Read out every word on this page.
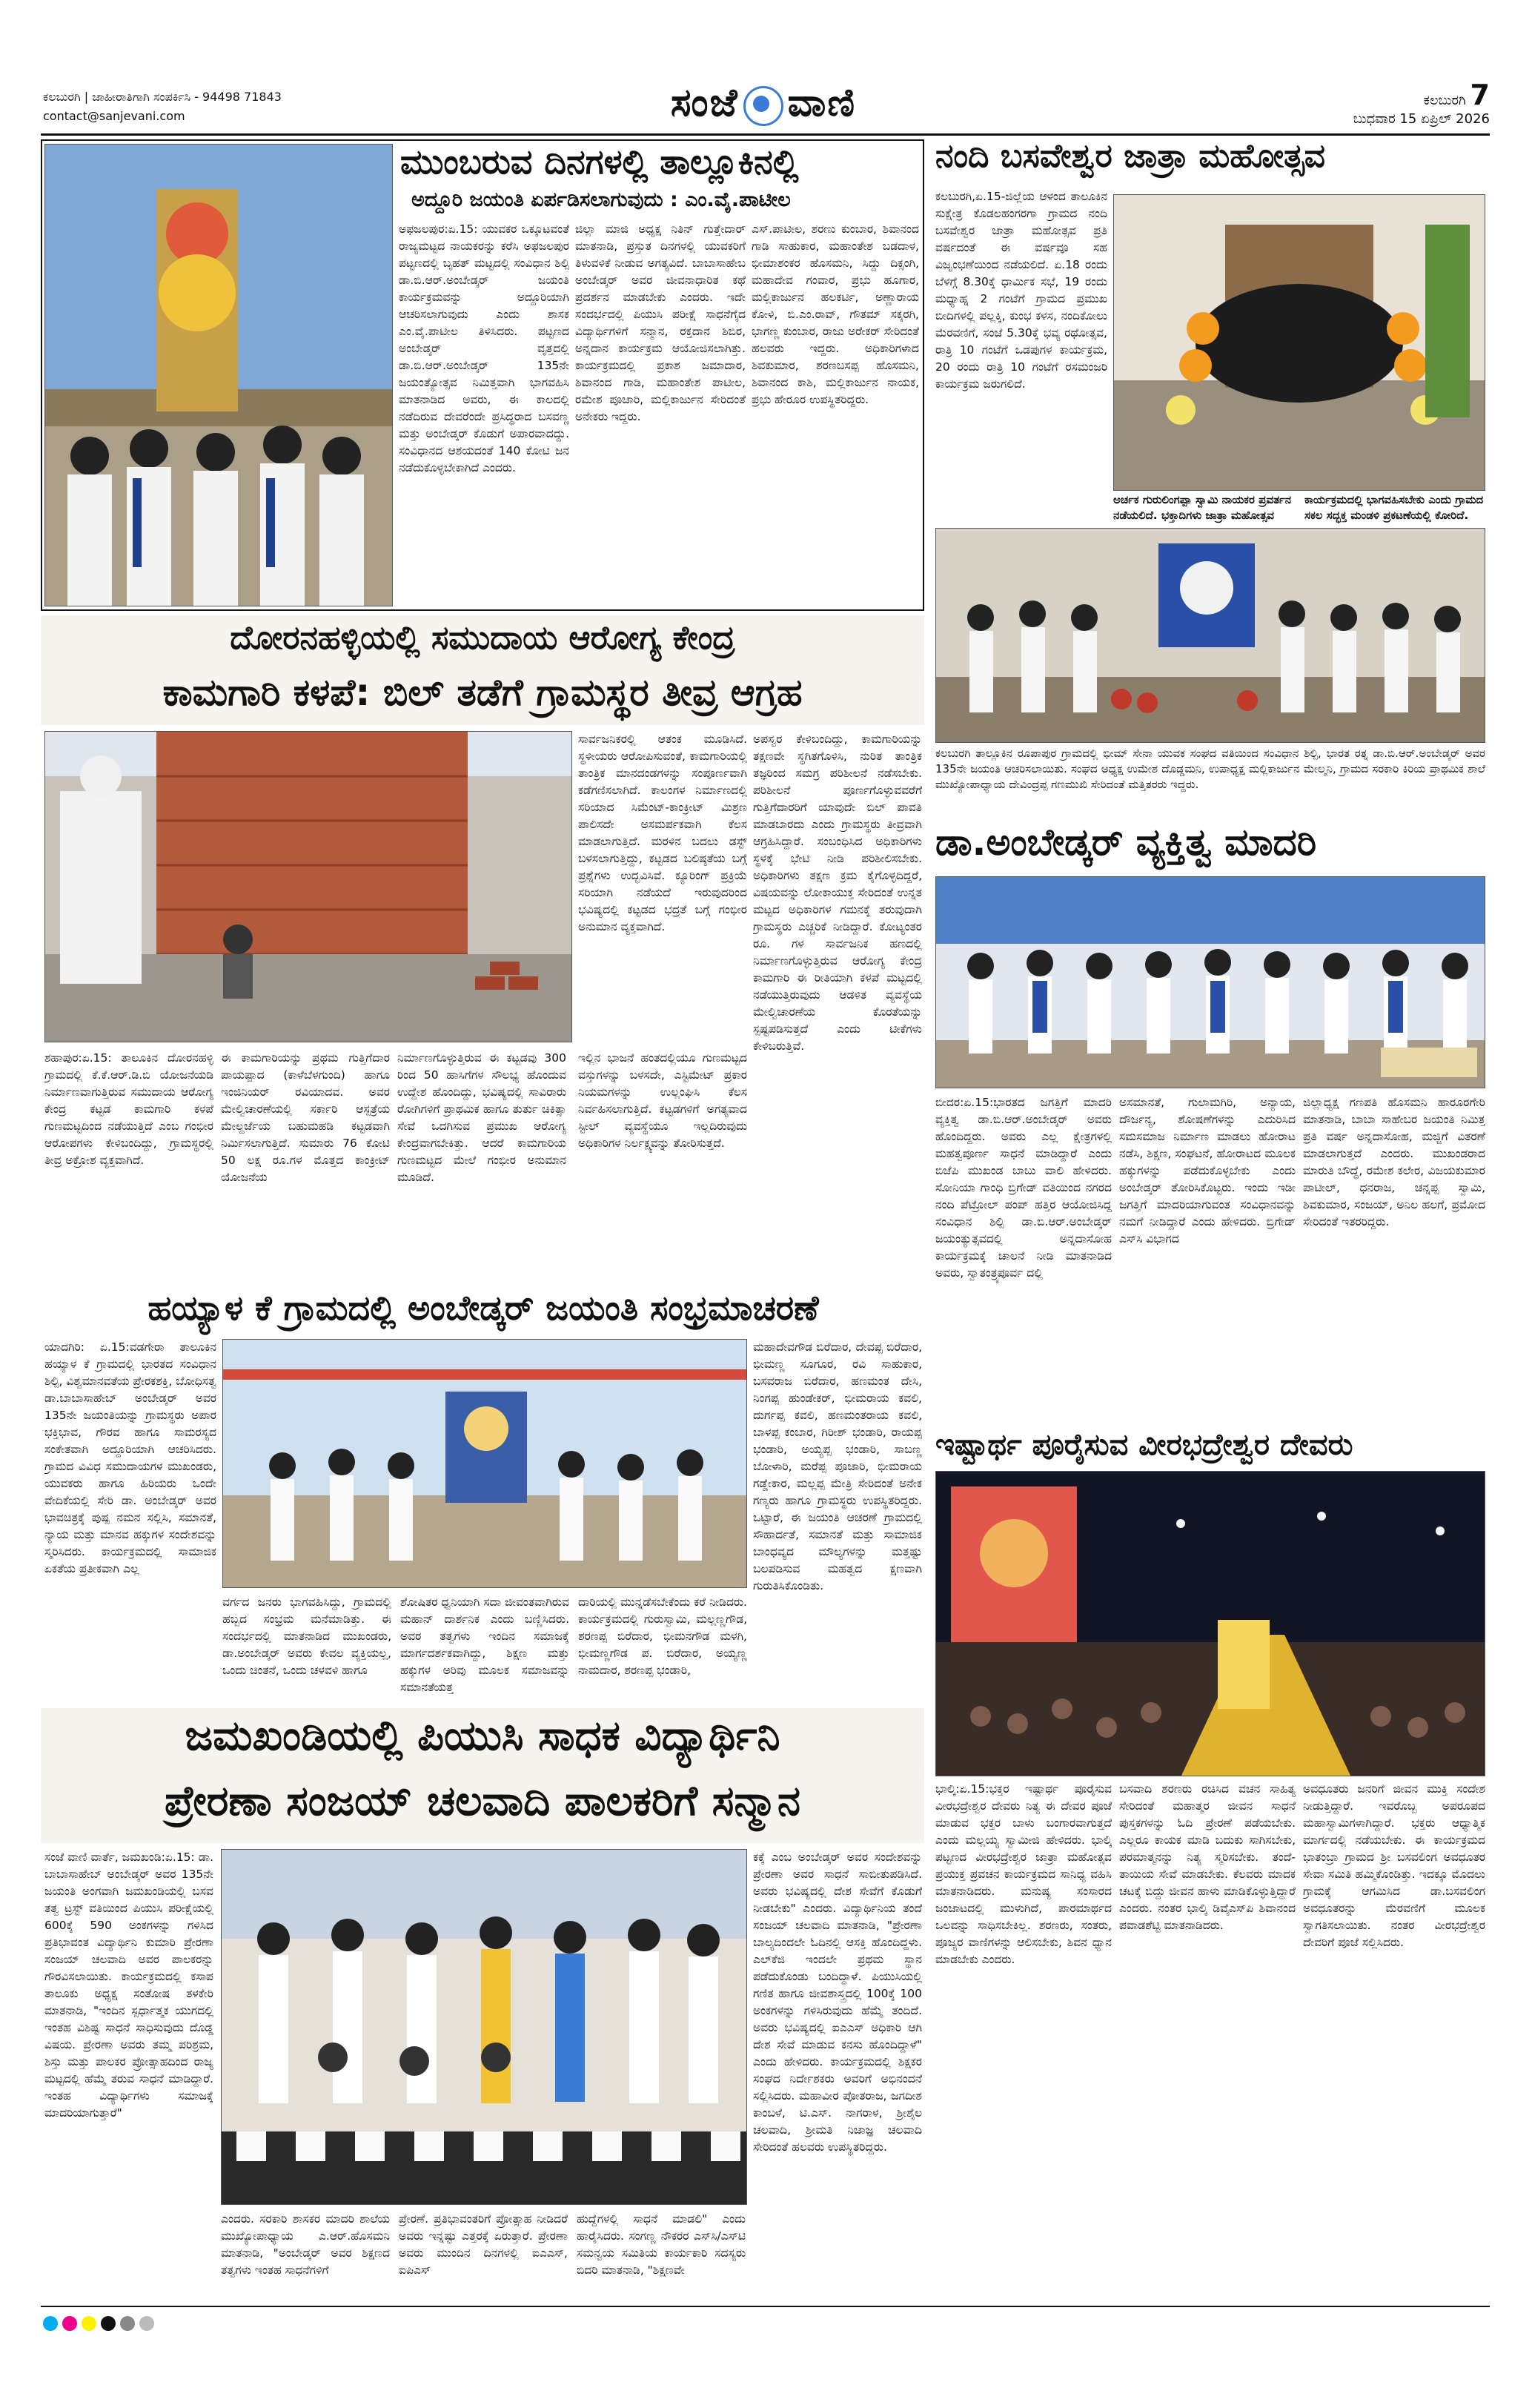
ಕಲಬುರಗಿ | ಜಾಹೀರಾತಿಗಾಗಿ ಸಂಪರ್ಕಿಸಿ - 94498 71843
contact@sanjevani.com	ಸಂಜೆ ವಾಣಿ	ಕಲಬುರಗಿ 7
ಬುಧವಾರ 15 ಏಪ್ರಿಲ್ 2026
ಮುಂಬರುವ ದಿನಗಳಲ್ಲಿ ತಾಲ್ಲೂಕಿನಲ್ಲಿ
ಅದ್ದೂರಿ ಜಯಂತಿ ಏರ್ಪಡಿಸಲಾಗುವುದು : ಎಂ.ವೈ.ಪಾಟೀಲ
ಅಫಜಲಪುರ:ಏ.15: ಯುವಕರ ಒಕ್ಕೂಟವಂತೆ ರಾಜ್ಯಮಟ್ಟದ ನಾಯಕರನ್ನು ಕರೆಸಿ ಅಫಜಲಪುರ ಪಟ್ಟಣದಲ್ಲಿ ಬೃಹತ್ ಮಟ್ಟದಲ್ಲಿ ಸಂವಿಧಾನ ಶಿಲ್ಪಿ ಡಾ.ಬಿ.ಆರ್.ಅಂಬೇಡ್ಕರ್ ಜಯಂತಿ ಕಾರ್ಯಕ್ರಮವನ್ನು ಅದ್ದೂರಿಯಾಗಿ ಆಚರಿಸಲಾಗುವುದು ಎಂದು ಶಾಸಕ ಎಂ.ವೈ.ಪಾಟೀಲ ತಿಳಿಸಿದರು. ಪಟ್ಟಣದ ಅಂಬೇಡ್ಕರ್ ವೃತ್ತದಲ್ಲಿ ಡಾ.ಬಿ.ಆರ್.ಅಂಬೇಡ್ಕರ್ 135ನೇ ಜಯಂತ್ಯೋತ್ಸವ ನಿಮಿತ್ತವಾಗಿ ಭಾಗವಹಿಸಿ ಮಾತನಾಡಿದ ಅವರು, ಈ ಕಾಲದಲ್ಲಿ ನಡೆದಿರುವ ದೇವರೆಂದೇ ಪ್ರಸಿದ್ಧರಾದ ಬಸವಣ್ಣ ಮತ್ತು ಅಂಬೇಡ್ಕರ್ ಕೊಡುಗೆ ಅಪಾರವಾದದ್ದು. ಸಂವಿಧಾನದ ಆಶಯದಂತೆ 140 ಕೋಟಿ ಜನ ನಡೆದುಕೊಳ್ಳಬೇಕಾಗಿದೆ ಎಂದರು.
ಜಿಲ್ಲಾ ಮಾಜಿ ಅಧ್ಯಕ್ಷ ನಿತಿನ್ ಗುತ್ತೇದಾರ್ ಮಾತನಾಡಿ, ಪ್ರಸ್ತುತ ದಿನಗಳಲ್ಲಿ ಯುವಕರಿಗೆ ತಿಳುವಳಿಕೆ ನೀಡುವ ಅಗತ್ಯವಿದೆ. ಬಾಬಾಸಾಹೇಬ ಅಂಬೇಡ್ಕರ್ ಅವರ ಜೀವನಾಧಾರಿತ ಕಥೆ ಪ್ರದರ್ಶನ ಮಾಡಬೇಕು ಎಂದರು. ಇದೇ ಸಂದರ್ಭದಲ್ಲಿ ಪಿಯುಸಿ ಪರೀಕ್ಷೆ ಸಾಧನೆಗೈದ ವಿದ್ಯಾರ್ಥಿಗಳಿಗೆ ಸನ್ಮಾನ, ರಕ್ತದಾನ ಶಿಬಿರ, ಅನ್ನದಾನ ಕಾರ್ಯಕ್ರಮ ಆಯೋಜಿಸಲಾಗಿತ್ತು. ಕಾರ್ಯಕ್ರಮದಲ್ಲಿ ಪ್ರಕಾಶ ಜಮಾದಾರ, ಶಿವಾನಂದ ಗಾಡಿ, ಮಹಾಂತೇಶ ಪಾಟೀಲ, ರಮೇಶ ಪೂಜಾರಿ, ಮಲ್ಲಿಕಾರ್ಜುನ ಸೇರಿದಂತೆ ಅನೇಕರು ಇದ್ದರು.
ಎಸ್.ಪಾಟೀಲ, ಶರಣು ಕುಂಬಾರ, ಶಿವಾನಂದ ಗಾಡಿ ಸಾಹುಕಾರ, ಮಹಾಂತೇಶ ಬಡದಾಳ, ಭೀಮಾಶಂಕರ ಹೊಸಮನಿ, ಸಿದ್ದು ದಿಕ್ಸಂಗಿ, ಮಹಾದೇವ ಗಂವಾರ, ಪ್ರಭು ಹೂಗಾರ, ಮಲ್ಲಿಕಾರ್ಜುನ ಹಲಕರ್ಟಿ, ಅಣ್ಣಾರಾಯ ಕೋಳಿ, ಬಿ.ಎಂ.ರಾವ್, ಗೌತಮ್ ಸಕ್ಕರಗಿ, ಭಾಗಣ್ಣ ಕುಂಬಾರ, ರಾಜು ಅರೇಕರ್ ಸೇರಿದಂತೆ ಹಲವರು ಇದ್ದರು. ಅಧಿಕಾರಿಗಳಾದ ಶಿವಕುಮಾರ, ಶರಣಬಸಪ್ಪ ಹೊಸಮನಿ, ಶಿವಾನಂದ ಕಾಶಿ, ಮಲ್ಲಿಕಾರ್ಜುನ ನಾಯಕ, ಪ್ರಭು ಹೇರೂರ ಉಪಸ್ಥಿತರಿದ್ದರು.
ನಂದಿ ಬಸವೇಶ್ವರ ಜಾತ್ರಾ ಮಹೋತ್ಸವ
ಕಲಬುರಗಿ,ಏ.15-ಜಿಲ್ಲೆಯ ಆಳಂದ ತಾಲೂಕಿನ ಸುಕ್ಷೇತ್ರ ಕೊಡಲಹಂಗರಗಾ ಗ್ರಾಮದ ನಂದಿ ಬಸವೇಶ್ವರ ಜಾತ್ರಾ ಮಹೋತ್ಸವ ಪ್ರತಿ ವರ್ಷದಂತೆ ಈ ವರ್ಷವೂ ಸಹ ವಿಜೃಂಭಣೆಯಿಂದ ನಡೆಯಲಿದೆ. ಏ.18 ರಂದು ಬೆಳಗ್ಗೆ 8.30ಕ್ಕೆ ಧಾರ್ಮಿಕ ಸಭೆ, 19 ರಂದು ಮಧ್ಯಾಹ್ನ 2 ಗಂಟೆಗೆ ಗ್ರಾಮದ ಪ್ರಮುಖ ಬೀದಿಗಳಲ್ಲಿ ಪಲ್ಲಕ್ಕಿ, ಕುಂಭ ಕಳಸ, ನಂದಿಕೋಲು ಮೆರವಣಿಗೆ, ಸಂಜೆ 5.30ಕ್ಕೆ ಭವ್ಯ ರಥೋತ್ಸವ, ರಾತ್ರಿ 10 ಗಂಟೆಗೆ ಒಡಪುಗಳ ಕಾರ್ಯಕ್ರಮ, 20 ರಂದು ರಾತ್ರಿ 10 ಗಂಟೆಗೆ ರಸಮಂಜರಿ ಕಾರ್ಯಕ್ರಮ ಜರುಗಲಿದೆ.
ಅರ್ಚಕ ಗುರುಲಿಂಗಪ್ಪಾ ಸ್ವಾಮಿ ನಾಯಕರ ಪ್ರವರ್ತನ ನಡೆಯಲಿದೆ. ಭಕ್ತಾದಿಗಳು ಜಾತ್ರಾ ಮಹೋತ್ಸವ
ಕಾರ್ಯಕ್ರಮದಲ್ಲಿ ಭಾಗವಹಿಸಬೇಕು ಎಂದು ಗ್ರಾಮದ ಸಕಲ ಸದ್ಭಕ್ತ ಮಂಡಳಿ ಪ್ರಕಟಣೆಯಲ್ಲಿ ಕೋರಿದೆ.
ಕಲಬುರಗಿ ತಾಲ್ಲೂಕಿನ ರೂಪಾಪುರ ಗ್ರಾಮದಲ್ಲಿ ಭೀಮ್ ಸೇನಾ ಯುವಕ ಸಂಘದ ವತಿಯಿಂದ ಸಂವಿಧಾನ ಶಿಲ್ಪಿ, ಭಾರತ ರತ್ನ ಡಾ.ಬಿ.ಆರ್.ಅಂಬೇಡ್ಕರ್ ಅವರ 135ನೇ ಜಯಂತಿ ಆಚರಿಸಲಾಯಿತು. ಸಂಘದ ಅಧ್ಯಕ್ಷ ಉಮೇಶ ದೊಡ್ಡಮನಿ, ಉಪಾಧ್ಯಕ್ಷ ಮಲ್ಲಿಕಾರ್ಜುನ ಮೇಲ್ಮನಿ, ಗ್ರಾಮದ ಸರಕಾರಿ ಕಿರಿಯ ಪ್ರಾಥಮಿಕ ಶಾಲೆ ಮುಖ್ಯೋಪಾಧ್ಯಾಯ ದೇವಿಂದ್ರಪ್ಪ ಗಣಮುಖಿ ಸೇರಿದಂತೆ ಮತ್ತಿತರರು ಇದ್ದರು.
ದೋರನಹಳ್ಳಿಯಲ್ಲಿ ಸಮುದಾಯ ಆರೋಗ್ಯ ಕೇಂದ್ರ
ಕಾಮಗಾರಿ ಕಳಪೆ: ಬಿಲ್ ತಡೆಗೆ ಗ್ರಾಮಸ್ಥರ ತೀವ್ರ ಆಗ್ರಹ
ಸಾರ್ವಜನಿಕರಲ್ಲಿ ಆತಂಕ ಮೂಡಿಸಿದೆ. ಸ್ಥಳೀಯರು ಆರೋಪಿಸುವಂತೆ, ಕಾಮಗಾರಿಯಲ್ಲಿ ತಾಂತ್ರಿಕ ಮಾನದಂಡಗಳನ್ನು ಸಂಪೂರ್ಣವಾಗಿ ಕಡೆಗಣಿಸಲಾಗಿದೆ. ಕಾಲಂಗಳ ನಿರ್ಮಾಣದಲ್ಲಿ ಸರಿಯಾದ ಸಿಮೆಂಟ್-ಕಾಂಕ್ರೀಟ್ ಮಿಶ್ರಣ ಪಾಲಿಸದೇ ಅಸಮರ್ಪಕವಾಗಿ ಕೆಲಸ ಮಾಡಲಾಗುತ್ತಿದೆ. ಮರಳಿನ ಬದಲು ಡಸ್ಟ್ ಬಳಸಲಾಗುತ್ತಿದ್ದು, ಕಟ್ಟಡದ ಬಲಿಷ್ಠತೆಯ ಬಗ್ಗೆ ಪ್ರಶ್ನೆಗಳು ಉದ್ಭವಿಸಿವೆ. ಕ್ಯೂರಿಂಗ್ ಪ್ರಕ್ರಿಯೆ ಸರಿಯಾಗಿ ನಡೆಯದೆ ಇರುವುದರಿಂದ ಭವಿಷ್ಯದಲ್ಲಿ ಕಟ್ಟಡದ ಭದ್ರತೆ ಬಗ್ಗೆ ಗಂಭೀರ ಅನುಮಾನ ವ್ಯಕ್ತವಾಗಿದೆ.
ಅಪಸ್ವರ ಕೇಳಿಬಂದಿದ್ದು, ಕಾಮಗಾರಿಯನ್ನು ತಕ್ಷಣವೇ ಸ್ಥಗಿತಗೊಳಿಸಿ, ನುರಿತ ತಾಂತ್ರಿಕ ತಜ್ಞರಿಂದ ಸಮಗ್ರ ಪರಿಶೀಲನೆ ನಡೆಸಬೇಕು. ಪರಿಶೀಲನೆ ಪೂರ್ಣಗೊಳ್ಳುವವರೆಗೆ ಗುತ್ತಿಗೆದಾರರಿಗೆ ಯಾವುದೇ ಬಿಲ್ ಪಾವತಿ ಮಾಡಬಾರದು ಎಂದು ಗ್ರಾಮಸ್ಥರು ತೀವ್ರವಾಗಿ ಆಗ್ರಹಿಸಿದ್ದಾರೆ. ಸಂಬಂಧಿಸಿದ ಅಧಿಕಾರಿಗಳು ಸ್ಥಳಕ್ಕೆ ಭೇಟಿ ನೀಡಿ ಪರಿಶೀಲಿಸಬೇಕು. ಅಧಿಕಾರಿಗಳು ತಕ್ಷಣ ಕ್ರಮ ಕೈಗೊಳ್ಳದಿದ್ದರೆ, ವಿಷಯವನ್ನು ಲೋಕಾಯುಕ್ತ ಸೇರಿದಂತೆ ಉನ್ನತ ಮಟ್ಟದ ಅಧಿಕಾರಿಗಳ ಗಮನಕ್ಕೆ ತರುವುದಾಗಿ ಗ್ರಾಮಸ್ಥರು ಎಚ್ಚರಿಕೆ ನೀಡಿದ್ದಾರೆ. ಕೋಟ್ಯಂತರ ರೂ. ಗಳ ಸಾರ್ವಜನಿಕ ಹಣದಲ್ಲಿ ನಿರ್ಮಾಣಗೊಳ್ಳುತ್ತಿರುವ ಆರೋಗ್ಯ ಕೇಂದ್ರ ಕಾಮಗಾರಿ ಈ ರೀತಿಯಾಗಿ ಕಳಪೆ ಮಟ್ಟದಲ್ಲಿ ನಡೆಯುತ್ತಿರುವುದು ಆಡಳಿತ ವ್ಯವಸ್ಥೆಯ ಮೇಲ್ವಿಚಾರಣೆಯ ಕೊರತೆಯನ್ನು ಸ್ಪಷ್ಟಪಡಿಸುತ್ತದೆ ಎಂದು ಟೀಕೆಗಳು ಕೇಳಿಬರುತ್ತಿವೆ.
ಶಹಾಪುರ:ಏ.15: ತಾಲೂಕಿನ ದೋರನಹಳ್ಳಿ ಗ್ರಾಮದಲ್ಲಿ ಕೆ.ಕೆ.ಆರ್.ಡಿ.ಬಿ ಯೋಜನೆಯಡಿ ನಿರ್ಮಾಣವಾಗುತ್ತಿರುವ ಸಮುದಾಯ ಆರೋಗ್ಯ ಕೇಂದ್ರ ಕಟ್ಟಡ ಕಾಮಗಾರಿ ಕಳಪೆ ಗುಣಮಟ್ಟದಿಂದ ನಡೆಯುತ್ತಿದೆ ಎಂಬ ಗಂಭೀರ ಆರೋಪಗಳು ಕೇಳಿಬಂದಿದ್ದು, ಗ್ರಾಮಸ್ಥರಲ್ಲಿ ತೀವ್ರ ಅಕ್ರೋಶ ವ್ಯಕ್ತವಾಗಿದೆ.
ಈ ಕಾಮಗಾರಿಯನ್ನು ಪ್ರಥಮ ಗುತ್ತಿಗೆದಾರ ಪಾಯಪ್ಪಾದ (ಕಾಳೆಬೆಳಗುಂದಿ) ಹಾಗೂ ಇಂಜಿನಿಯರ್ ರವಿಯಾದವ. ಅವರ ಮೇಲ್ವಿಚಾರಣೆಯಲ್ಲಿ ಸರ್ಕಾರಿ ಆಸ್ಪತ್ರೆಯ ಮೇಲ್ದರ್ಜೆಯ ಬಹುಮಹಡಿ ಕಟ್ಟಡವಾಗಿ ನಿರ್ಮಿಸಲಾಗುತ್ತಿದೆ. ಸುಮಾರು 76 ಕೋಟಿ 50 ಲಕ್ಷ ರೂ.ಗಳ ಮೊತ್ತದ ಕಾಂಕ್ರೀಟ್ ಯೋಜನೆಯ
ನಿರ್ಮಾಣಗೊಳ್ಳುತ್ತಿರುವ ಈ ಕಟ್ಟಡವು 300 ರಿಂದ 50 ಹಾಸಿಗೆಗಳ ಸೌಲಭ್ಯ ಹೊಂದುವ ಉದ್ದೇಶ ಹೊಂದಿದ್ದು, ಭವಿಷ್ಯದಲ್ಲಿ ಸಾವಿರಾರು ರೋಗಿಗಳಿಗೆ ಪ್ರಾಥಮಿಕ ಹಾಗೂ ತುರ್ತು ಚಿಕಿತ್ಸಾ ಸೇವೆ ಒದಗಿಸುವ ಪ್ರಮುಖ ಆರೋಗ್ಯ ಕೇಂದ್ರವಾಗಬೇಕಿತ್ತು. ಆದರೆ ಕಾಮಗಾರಿಯ ಗುಣಮಟ್ಟದ ಮೇಲೆ ಗಂಭೀರ ಅನುಮಾನ ಮೂಡಿದೆ.
ಇಲ್ಲಿನ ಭಾಜನೆ ಹಂತದಲ್ಲಿಯೂ ಗುಣಮಟ್ಟದ ವಸ್ತುಗಳನ್ನು ಬಳಸದೇ, ಎಸ್ಟಿಮೇಟ್ ಪ್ರಕಾರ ನಿಯಮಗಳನ್ನು ಉಲ್ಲಂಘಿಸಿ ಕೆಲಸ ನಿರ್ವಹಿಸಲಾಗುತ್ತಿದೆ. ಕಟ್ಟಡಗಳಿಗೆ ಅಗತ್ಯವಾದ ಸ್ಟೀಲ್ ವ್ಯವಸ್ಥೆಯೂ ಇಲ್ಲದಿರುವುದು ಅಧಿಕಾರಿಗಳ ನಿರ್ಲಕ್ಷ್ಯವನ್ನು ತೋರಿಸುತ್ತದೆ.
ಡಾ.ಅಂಬೇಡ್ಕರ್ ವ್ಯಕ್ತಿತ್ವ ಮಾದರಿ
ಬೀದರ:ಏ.15:ಭಾರತದ ಜಗತ್ತಿಗೆ ಮಾದರಿ ವ್ಯಕ್ತಿತ್ವ ಡಾ.ಬಿ.ಆರ್.ಅಂಬೇಡ್ಕರ್ ಅವರು ಹೊಂದಿದ್ದರು. ಅವರು ಎಲ್ಲ ಕ್ಷೇತ್ರಗಳಲ್ಲಿ ಮಹತ್ವಪೂರ್ಣ ಸಾಧನೆ ಮಾಡಿದ್ದಾರೆ ಎಂದು ಬಿಜೆಪಿ ಮುಖಂಡ ಬಾಬು ವಾಲಿ ಹೇಳಿದರು. ಸೋನಿಯಾ ಗಾಂಧಿ ಬ್ರಿಗೇಡ್ ವತಿಯಿಂದ ನಗರದ ನಂದಿ ಪೆಟ್ರೋಲ್ ಪಂಪ್ ಹತ್ತಿರ ಆಯೋಜಿಸಿದ್ದ ಸಂವಿಧಾನ ಶಿಲ್ಪಿ ಡಾ.ಬಿ.ಆರ್.ಅಂಬೇಡ್ಕರ್ ಜಯಂತ್ಯುತ್ಸವದಲ್ಲಿ ಅನ್ನದಾಸೋಹ ಕಾರ್ಯಕ್ರಮಕ್ಕೆ ಚಾಲನೆ ನೀಡಿ ಮಾತನಾಡಿದ ಅವರು, ಸ್ವಾತಂತ್ರ್ಯಪೂರ್ವ ದಲ್ಲಿ
ಅಸಮಾನತೆ, ಗುಲಾಮಗಿರಿ, ಅನ್ಯಾಯ, ದೌರ್ಜನ್ಯ, ಶೋಷಣೆಗಳನ್ನು ಎದುರಿಸಿದ ಸಮಸಮಾಜ ನಿರ್ಮಾಣ ಮಾಡಲು ಹೋರಾಟ ನಡೆಸಿ, ಶಿಕ್ಷಣ, ಸಂಘಟನೆ, ಹೋರಾಟದ ಮೂಲಕ ಹಕ್ಕುಗಳನ್ನು ಪಡೆದುಕೊಳ್ಳಬೇಕು ಎಂದು ಅಂಬೇಡ್ಕರ್ ತೋರಿಸಿಕೊಟ್ಟರು. ಇಂದು ಇಡೀ ಜಗತ್ತಿಗೆ ಮಾದರಿಯಾಗುವಂತ ಸಂವಿಧಾನವನ್ನು ನಮಗೆ ನೀಡಿದ್ದಾರೆ ಎಂದು ಹೇಳಿದರು. ಬ್ರಿಗೇಡ್ ಎಸ್‌ಸಿ ವಿಭಾಗದ
ಜಿಲ್ಲಾಧ್ಯಕ್ಷ ಗಣಪತಿ ಹೊಸಮನಿ ಹಾರೂರಗೇರಿ ಮಾತನಾಡಿ, ಬಾಬಾ ಸಾಹೇಬರ ಜಯಂತಿ ನಿಮಿತ್ತ ಪ್ರತಿ ವರ್ಷ ಅನ್ನದಾಸೋಹ, ಮಜ್ಜಿಗೆ ವಿತರಣೆ ಮಾಡಲಾಗುತ್ತದೆ ಎಂದರು. ಮುಖಂಡರಾದ ಮಾರುತಿ ಬೌದ್ಧೆ, ರಮೇಶ ಕಲೇರ, ವಿಜಯಕುಮಾರ ಪಾಟೀಲ್, ಧನರಾಜ, ಚನ್ನಪ್ಪ ಸ್ವಾಮಿ, ಶಿವಕುಮಾರ, ಸಂಜಯ್, ಅನಿಲ ಹಲಗೆ, ಪ್ರಮೋದ ಸೇರಿದಂತೆ ಇತರರಿದ್ದರು.
ಹಯ್ಯಾಳ ಕೆ ಗ್ರಾಮದಲ್ಲಿ ಅಂಬೇಡ್ಕರ್ ಜಯಂತಿ ಸಂಭ್ರಮಾಚರಣೆ
ಯಾದಗಿರಿ: ಏ.15:ವಡಗೇರಾ ತಾಲೂಕಿನ ಹಯ್ಯಾಳ ಕೆ ಗ್ರಾಮದಲ್ಲಿ ಭಾರತದ ಸಂವಿಧಾನ ಶಿಲ್ಪಿ, ವಿಶ್ವಮಾನವತೆಯ ಪ್ರೇರಕಶಕ್ತಿ, ಬೋಧಿಸತ್ವ ಡಾ.ಬಾಬಾಸಾಹೇಬ್ ಅಂಬೇಡ್ಕರ್ ಅವರ 135ನೇ ಜಯಂತಿಯನ್ನು ಗ್ರಾಮಸ್ಥರು ಅಪಾರ ಭಕ್ತಿಭಾವ, ಗೌರವ ಹಾಗೂ ಸಾಮರಸ್ಯದ ಸಂಕೇತವಾಗಿ ಅದ್ದೂರಿಯಾಗಿ ಆಚರಿಸಿದರು. ಗ್ರಾಮದ ವಿವಿಧ ಸಮುದಾಯಗಳ ಮುಖಂಡರು, ಯುವಕರು ಹಾಗೂ ಹಿರಿಯರು ಒಂದೇ ವೇದಿಕೆಯಲ್ಲಿ ಸೇರಿ ಡಾ. ಅಂಬೇಡ್ಕರ್ ಅವರ ಭಾವಚಿತ್ರಕ್ಕೆ ಪುಷ್ಪ ನಮನ ಸಲ್ಲಿಸಿ, ಸಮಾನತೆ, ನ್ಯಾಯ ಮತ್ತು ಮಾನವ ಹಕ್ಕುಗಳ ಸಂದೇಶವನ್ನು ಸ್ಮರಿಸಿದರು. ಕಾರ್ಯಕ್ರಮದಲ್ಲಿ ಸಾಮಾಜಿಕ ಏಕತೆಯ ಪ್ರತೀಕವಾಗಿ ಎಲ್ಲ
ಮಹಾದೇವಗೌಡ ಬಿರೆದಾರ, ದೇವಪ್ಪ ಬಿರೆದಾರ, ಭೀಮಣ್ಣ ಸೂಗೂರ, ರವಿ ಸಾಹುಕಾರ, ಬಸವರಾಜ ಬಿರೆದಾರ, ಹಣಮಂತ ದೇಸಿ, ನಿಂಗಪ್ಪ ಹುಂಡೇಕರ್, ಭೀಮರಾಯ ಕವಲಿ, ದುರ್ಗಪ್ಪ ಕವಲಿ, ಹಣಮಂತರಾಯ ಕವಲಿ, ಬಾಳಪ್ಪ ಕಂಬಾರ, ಗಿರೀಶ್ ಭಂಡಾರಿ, ರಾಯಪ್ಪ ಭಂಡಾರಿ, ಅಯ್ಯಪ್ಪ ಭಂಡಾರಿ, ಸಾಬಣ್ಣ ಬೋಳಾರಿ, ಮರೆಪ್ಪ ಪೂಜಾರಿ, ಭೀಮರಾಯ ಗಡ್ಡೇಕಾರ, ಮಲ್ಲಪ್ಪ ಮೇತ್ರಿ ಸೇರಿದಂತೆ ಅನೇಕ ಗಣ್ಯರು ಹಾಗೂ ಗ್ರಾಮಸ್ಥರು ಉಪಸ್ಥಿತರಿದ್ದರು. ಒಟ್ಟಾರೆ, ಈ ಜಯಂತಿ ಆಚರಣೆ ಗ್ರಾಮದಲ್ಲಿ ಸೌಹಾರ್ದತೆ, ಸಮಾನತೆ ಮತ್ತು ಸಾಮಾಜಿಕ ಬಾಂಧವ್ಯದ ಮೌಲ್ಯಗಳನ್ನು ಮತ್ತಷ್ಟು ಬಲಪಡಿಸುವ ಮಹತ್ವದ ಕ್ಷಣವಾಗಿ ಗುರುತಿಸಿಕೊಂಡಿತು.
ವರ್ಗದ ಜನರು ಭಾಗವಹಿಸಿದ್ದು, ಗ್ರಾಮದಲ್ಲಿ ಹಬ್ಬದ ಸಂಭ್ರಮ ಮನೆಮಾಡಿತ್ತು. ಈ ಸಂದರ್ಭದಲ್ಲಿ ಮಾತನಾಡಿದ ಮುಖಂಡರು, ಡಾ.ಅಂಬೇಡ್ಕರ್ ಅವರು ಕೇವಲ ವ್ಯಕ್ತಿಯಲ್ಲ, ಒಂದು ಚಿಂತನೆ, ಒಂದು ಚಳವಳಿ ಹಾಗೂ
ಶೋಷಿತರ ಧ್ವನಿಯಾಗಿ ಸದಾ ಜೀವಂತವಾಗಿರುವ ಮಹಾನ್ ದಾರ್ಶನಿಕ ಎಂದು ಬಣ್ಣಿಸಿದರು. ಅವರ ತತ್ವಗಳು ಇಂದಿನ ಸಮಾಜಕ್ಕೆ ಮಾರ್ಗದರ್ಶಕವಾಗಿದ್ದು, ಶಿಕ್ಷಣ ಮತ್ತು ಹಕ್ಕುಗಳ ಅರಿವು ಮೂಲಕ ಸಮಾಜವನ್ನು ಸಮಾನತೆಯತ್ತ
ದಾರಿಯಲ್ಲಿ ಮುನ್ನಡೆಸಬೇಕೆಂದು ಕರೆ ನೀಡಿದರು. ಕಾರ್ಯಕ್ರಮದಲ್ಲಿ ಗುರುಸ್ವಾಮಿ, ಮಲ್ಲಣ್ಣಗೌಡ, ಶರಣಪ್ಪ ಬಿರೆದಾರ, ಭೀಮನಗೌಡ ಮಳಗಿ, ಭೀಮಣ್ಣಗೌಡ ಪ. ಬಿರೆದಾರ, ಅಯ್ಯಣ್ಣ ನಾಮದಾರ, ಶರಣಪ್ಪ ಭಂಡಾರಿ,
ಇಷ್ಟಾರ್ಥ ಪೂರೈಸುವ ವೀರಭದ್ರೇಶ್ವರ ದೇವರು
ಭಾಲ್ಕಿ:ಏ.15:ಭಕ್ತರ ಇಷ್ಟಾರ್ಥ ಪೂರೈಸುವ ವೀರಭದ್ರೇಶ್ವರ ದೇವರು ನಿತ್ಯ ಈ ದೇವರ ಪೂಜೆ ಮಾಡುವ ಭಕ್ತರ ಬಾಳು ಬಂಗಾರವಾಗುತ್ತದೆ ಎಂದು ಮಲ್ಲಯ್ಯ ಸ್ವಾಮೀಜಿ ಹೇಳಿದರು. ಭಾಲ್ಕಿ ಪಟ್ಟಣದ ವೀರಭದ್ರೇಶ್ವರ ಜಾತ್ರಾ ಮಹೋತ್ಸವ ಪ್ರಯುಕ್ತ ಪ್ರವಚನ ಕಾರ್ಯಕ್ರಮದ ಸಾನಿಧ್ಯ ವಹಿಸಿ ಮಾತನಾಡಿದರು. ಮನುಷ್ಯ ಸಂಸಾರದ ಜಂಜಾಟದಲ್ಲಿ ಮುಳುಗಿದೆ, ಪಾರಮಾರ್ಥದ ಒಲವನ್ನು ಸಾಧಿಸಬೇಕಿಲ್ಲ. ಶರಣರು, ಸಂತರು, ಪೂಜ್ಯರ ವಾಣಿಗಳನ್ನು ಆಲಿಸಬೇಕು, ಶಿವನ ಧ್ಯಾನ ಮಾಡಬೇಕು ಎಂದರು.
ಬಸವಾದಿ ಶರಣರು ರಚಿಸಿದ ವಚನ ಸಾಹಿತ್ಯ ಸೇರಿದಂತೆ ಮಹಾತ್ಮರ ಜೀವನ ಸಾಧನೆ ಪುಸ್ತಕಗಳನ್ನು ಓದಿ ಪ್ರೇರಣೆ ಪಡೆಯಬೇಕು. ಎಲ್ಲರೂ ಕಾಯಕ ಮಾಡಿ ಬದುಕು ಸಾಗಿಸಬೇಕು, ಪರಮಾತ್ಮನನ್ನು ನಿತ್ಯ ಸ್ಮರಿಸಬೇಕು. ತಂದೆ-ತಾಯಿಯ ಸೇವೆ ಮಾಡಬೇಕು. ಕೆಲವರು ಮಾದಕ ಚಟಕ್ಕೆ ಬಿದ್ದು ಜೀವನ ಹಾಳು ಮಾಡಿಕೊಳ್ಳುತ್ತಿದ್ದಾರೆ ಎಂದರು. ನಂತರ ಭಾಲ್ಕಿ ಡಿವೈಎಸ್‌ಪಿ ಶಿವಾನಂದ ಪವಾಡಶೆಟ್ಟಿ ಮಾತನಾಡಿದರು.
ಅವಧೂತರು ಜನರಿಗೆ ಜೀವನ ಮುಕ್ತಿ ಸಂದೇಶ ನೀಡುತ್ತಿದ್ದಾರೆ. ಇವರೊಬ್ಬ ಅಪರೂಪದ ಮಹಾಸ್ವಾಮಿಗಳಾಗಿದ್ದಾರೆ. ಭಕ್ತರು ಆಧ್ಯಾತ್ಮಿಕ ಮಾರ್ಗದಲ್ಲಿ ನಡೆಯಬೇಕು. ಈ ಕಾರ್ಯಕ್ರಮದ ಭಾತಂಬ್ರಾ ಗ್ರಾಮದ ಶ್ರೀ ಬಸವಲಿಂಗ ಅವಧೂತರ ಸೇವಾ ಸಮಿತಿ ಹಮ್ಮಿಕೊಂಡಿತ್ತು. ಇದಕ್ಕೂ ಮೊದಲು ಗ್ರಾಮಕ್ಕೆ ಆಗಮಿಸಿದ ಡಾ.ಬಸವಲಿಂಗ ಅವಧೂತರನ್ನು ಮೆರವಣಿಗೆ ಮೂಲಕ ಸ್ವಾಗತಿಸಲಾಯಿತು. ನಂತರ ವೀರಭದ್ರೇಶ್ವರ ದೇವರಿಗೆ ಪೂಜೆ ಸಲ್ಲಿಸಿದರು.
ಜಮಖಂಡಿಯಲ್ಲಿ ಪಿಯುಸಿ ಸಾಧಕ ವಿದ್ಯಾರ್ಥಿನಿ
ಪ್ರೇರಣಾ ಸಂಜಯ್ ಚಲವಾದಿ ಪಾಲಕರಿಗೆ ಸನ್ಮಾನ
ಸಂಜೆ ವಾಣಿ ವಾರ್ತೆ, ಜಮಖಂಡಿ:ಏ.15: ಡಾ. ಬಾಬಾಸಾಹೇಬ್ ಅಂಬೇಡ್ಕರ್ ಅವರ 135ನೇ ಜಯಂತಿ ಅಂಗವಾಗಿ ಜಮಖಂಡಿಯಲ್ಲಿ ಬಸವ ತತ್ವ ಟ್ರಸ್ಟ್ ವತಿಯಿಂದ ಪಿಯುಸಿ ಪರೀಕ್ಷೆಯಲ್ಲಿ 600ಕ್ಕೆ 590 ಅಂಕಗಳನ್ನು ಗಳಿಸಿದ ಪ್ರತಿಭಾವಂತ ವಿದ್ಯಾರ್ಥಿನಿ ಕುಮಾರಿ ಪ್ರೇರಣಾ ಸಂಜಯ್ ಚಲವಾದಿ ಅವರ ಪಾಲಕರನ್ನು ಗೌರವಿಸಲಾಯಿತು. ಕಾರ್ಯಕ್ರಮದಲ್ಲಿ ಕಸಾಪ ತಾಲೂಕು ಅಧ್ಯಕ್ಷ ಸಂತೋಷ ತಳಕೇರಿ ಮಾತನಾಡಿ, "ಇಂದಿನ ಸ್ಪರ್ಧಾತ್ಮಕ ಯುಗದಲ್ಲಿ ಇಂತಹ ವಿಶಿಷ್ಟ ಸಾಧನೆ ಸಾಧಿಸುವುದು ದೊಡ್ಡ ವಿಷಯ. ಪ್ರೇರಣಾ ಅವರು ತಮ್ಮ ಪರಿಶ್ರಮ, ಶಿಸ್ತು ಮತ್ತು ಪಾಲಕರ ಪ್ರೋತ್ಸಾಹದಿಂದ ರಾಜ್ಯ ಮಟ್ಟದಲ್ಲಿ ಹೆಮ್ಮೆ ತರುವ ಸಾಧನೆ ಮಾಡಿದ್ದಾರೆ. ಇಂತಹ ವಿದ್ಯಾರ್ಥಿಗಳು ಸಮಾಜಕ್ಕೆ ಮಾದರಿಯಾಗುತ್ತಾರೆ"
ಕಕ್ಕೆ ಎಂಬ ಅಂಬೇಡ್ಕರ್ ಅವರ ಸಂದೇಶವನ್ನು ಪ್ರೇರಣಾ ಅವರ ಸಾಧನೆ ಸಾಬೀತುಪಡಿಸಿದೆ. ಅವರು ಭವಿಷ್ಯದಲ್ಲಿ ದೇಶ ಸೇವೆಗೆ ಕೊಡುಗೆ ನೀಡಬೇಕು" ಎಂದರು. ವಿದ್ಯಾರ್ಥಿನಿಯ ತಂದೆ ಸಂಜಯ್ ಚಲವಾದಿ ಮಾತನಾಡಿ, "ಪ್ರೇರಣಾ ಬಾಲ್ಯದಿಂದಲೇ ಓದಿನಲ್ಲಿ ಆಸಕ್ತಿ ಹೊಂದಿದ್ದಳು. ಎಲ್‌ಕೆಜಿ ಇಂದಲೇ ಪ್ರಥಮ ಸ್ಥಾನ ಪಡೆದುಕೊಂಡು ಬಂದಿದ್ದಾಳೆ. ಪಿಯುಸಿಯಲ್ಲಿ ಗಣಿತ ಹಾಗೂ ಜೀವಶಾಸ್ತ್ರದಲ್ಲಿ 100ಕ್ಕೆ 100 ಅಂಕಗಳನ್ನು ಗಳಿಸಿರುವುದು ಹೆಮ್ಮೆ ತಂದಿದೆ. ಅವರು ಭವಿಷ್ಯದಲ್ಲಿ ಐಎಎಸ್ ಅಧಿಕಾರಿ ಆಗಿ ದೇಶ ಸೇವೆ ಮಾಡುವ ಕನಸು ಹೊಂದಿದ್ದಾಳೆ" ಎಂದು ಹೇಳಿದರು. ಕಾರ್ಯಕ್ರಮದಲ್ಲಿ ಶಿಕ್ಷಕರ ಸಂಘದ ನಿರ್ದೇಶಕರು ಅವರಿಗೆ ಅಭಿನಂದನೆ ಸಲ್ಲಿಸಿದರು. ಮಹಾವೀರ ಪೋತರಾಜ, ಜಗದೀಶ ಕಾಂಬಳೆ, ಟಿ.ಎಸ್. ನಾಗರಾಳ, ಶ್ರೀಶೈಲ ಚಲವಾದಿ, ಶ್ರೀಮತಿ ನಿಜಾಜ್ಞ ಚಲವಾದಿ ಸೇರಿದಂತೆ ಹಲವರು ಉಪಸ್ಥಿತರಿದ್ದರು.
ಎಂದರು. ಸರಕಾರಿ ಶಾಸಕರ ಮಾದರಿ ಶಾಲೆಯ ಮುಖ್ಯೋಪಾಧ್ಯಾಯ ಎ.ಆರ್.ಹೊಸಮನಿ ಮಾತನಾಡಿ, "ಅಂಬೇಡ್ಕರ್ ಅವರ ಶಿಕ್ಷಣದ ತತ್ವಗಳು ಇಂತಹ ಸಾಧನೆಗಳಿಗೆ
ಪ್ರೇರಣೆ. ಪ್ರತಿಭಾವಂತರಿಗೆ ಪ್ರೋತ್ಸಾಹ ನೀಡಿದರೆ ಅವರು ಇನ್ನಷ್ಟು ಎತ್ತರಕ್ಕೆ ಏರುತ್ತಾರೆ. ಪ್ರೇರಣಾ ಅವರು ಮುಂದಿನ ದಿನಗಳಲ್ಲಿ ಐಎಎಸ್, ಐಪಿಎಸ್
ಹುದ್ದೆಗಳಲ್ಲಿ ಸಾಧನೆ ಮಾಡಲಿ" ಎಂದು ಹಾರೈಸಿದರು. ಸಂಗಣ್ಣ ನೌಕರರ ಎಸ್‌ಸಿ/ಎಸ್‌ಟಿ ಸಮನ್ವಯ ಸಮಿತಿಯ ಕಾರ್ಯಕಾರಿ ಸದಸ್ಯರು ಬಿದರಿ ಮಾತನಾಡಿ, "ಶಿಕ್ಷಣವೇ
